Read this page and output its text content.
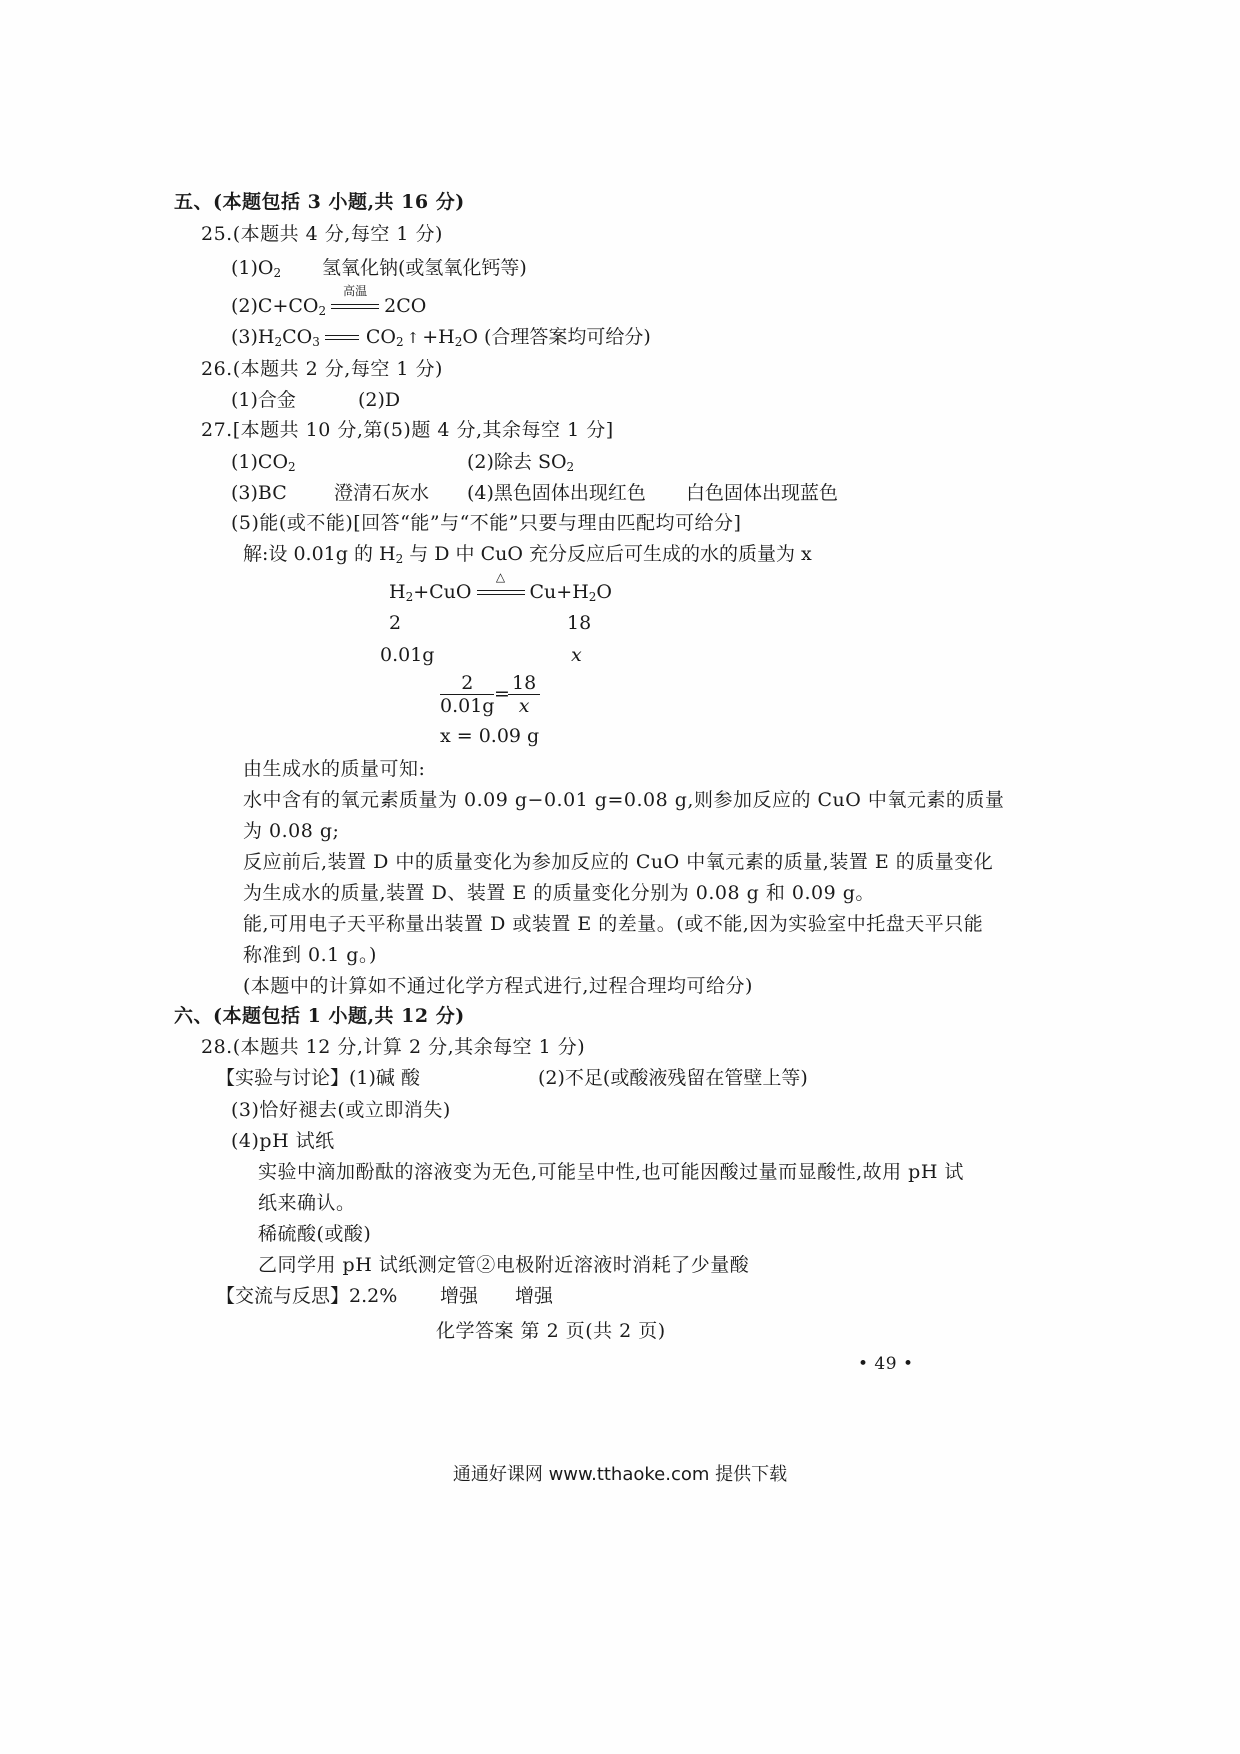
五、(本题包括 3 小题,共 16 分)
25.(本题共 4 分,每空 1 分)
$(1)O_2$ 氢氧化钠(或氢氧化钙等)
$(2)C+CO_2$
高温
2CO
$(3)H_2CO_3$ $CO_2$ ↑ $+H_2O$ (合理答案均可给分)
26.(本题共 2 分,每空 1 分)
(1)合金	(2)D
27.[本题共 10 分,第(5)题 4 分,其余每空 1 分]
$(1)CO_2$	(2)除去 $SO_2$
(3)BC 澄清石灰水 (4)黑色固体出现红色 白色固体出现蓝色
(5)能(或不能)[回答“能”与“不能”只要与理由匹配均可给分]
解:设 0.01g 的 $H_2$ 与 D 中 CuO 充分反应后可生成的水的质量为 x
$H_2+CuO$
△
$Cu+H_2O$
2	18
0.01g	x
$\frac{2}{0.01g}$ =
$\frac{18}{x}$
x = 0.09 g
由生成水的质量可知:
水中含有的氧元素质量为 0.09 g−0.01 g=0.08 g,则参加反应的 CuO 中氧元素的质量
为 0.08 g;
反应前后,装置 D 中的质量变化为参加反应的 CuO 中氧元素的质量,装置 E 的质量变化
为生成水的质量,装置 D、装置 E 的质量变化分别为 0.08 g 和 0.09 g。
能,可用电子天平称量出装置 D 或装置 E 的差量。(或不能,因为实验室中托盘天平只能
称准到 0.1 g。)
(本题中的计算如不通过化学方程式进行,过程合理均可给分)
六、(本题包括 1 小题,共 12 分)
28.(本题共 12 分,计算 2 分,其余每空 1 分)
【实验与讨论】(1)碱 酸	(2)不足(或酸液残留在管壁上等)
(3)恰好褪去(或立即消失)
(4)pH 试纸
实验中滴加酚酞的溶液变为无色,可能呈中性,也可能因酸过量而显酸性,故用 pH 试
纸来确认。
稀硫酸(或酸)
乙同学用 pH 试纸测定管②电极附近溶液时消耗了少量酸
【交流与反思】2.2% 增强 增强
化学答案 第 2 页(共 2 页)
• 49 •
通通好课网 www.tthaoke.com 提供下载
